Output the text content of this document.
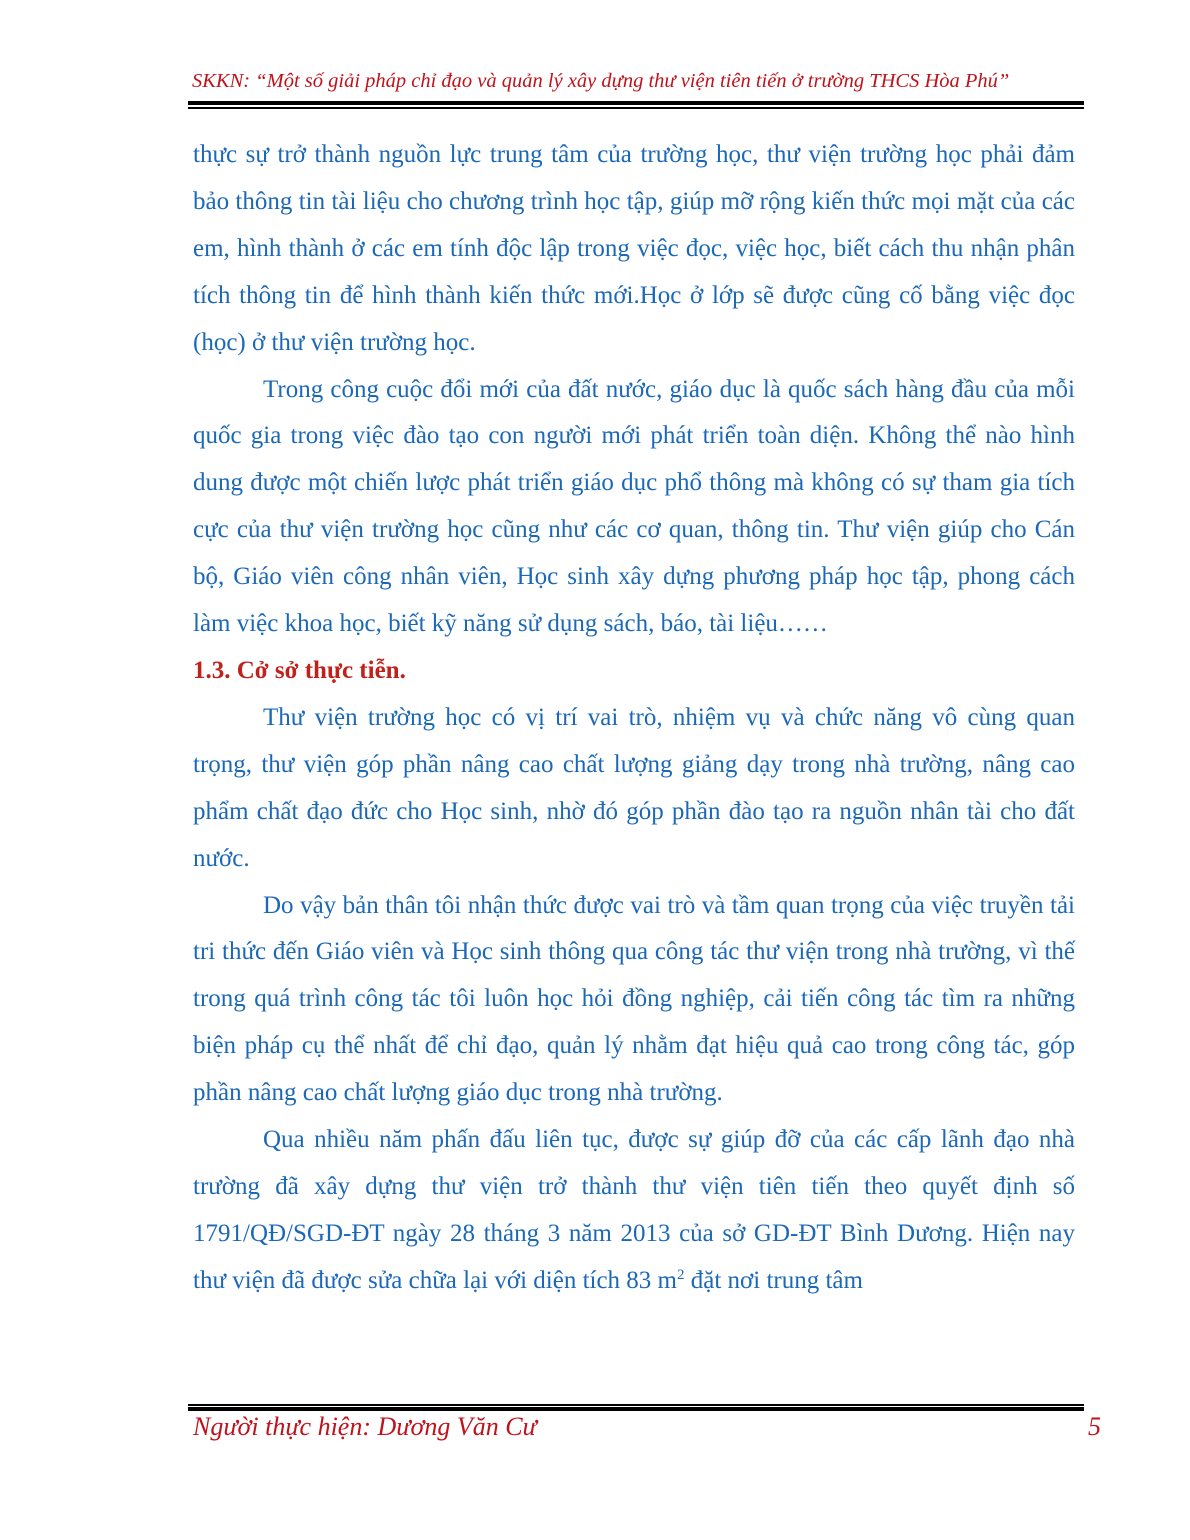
SKKN: “Một số giải pháp chỉ đạo và quản lý xây dựng thư viện tiên tiến ở trường THCS Hòa Phú”

thực sự trở thành nguồn lực trung tâm của trường học, thư viện trường học phải đảm bảo thông tin tài liệu cho chương trình học tập, giúp mỡ rộng kiến thức mọi mặt của các em, hình thành ở các em tính độc lập trong việc đọc, việc học, biết cách thu nhận phân tích thông tin để hình thành kiến thức mới.Học ở lớp sẽ được cũng cố bằng việc đọc (học) ở thư viện trường học.

Trong công cuộc đổi mới của đất nước, giáo dục là quốc sách hàng đầu của mỗi quốc gia trong việc đào tạo con người mới phát triển toàn diện. Không thể nào hình dung được một chiến lược phát triển giáo dục phổ thông mà không có sự tham gia tích cực của thư viện trường học cũng như các cơ quan, thông tin. Thư viện giúp cho Cán bộ, Giáo viên công nhân viên, Học sinh xây dựng phương pháp học tập, phong cách làm việc khoa học, biết kỹ năng sử dụng sách, báo, tài liệu……

1.3. Cở sở thực tiễn.

Thư viện trường học có vị trí vai trò, nhiệm vụ và chức năng vô cùng quan trọng, thư viện góp phần nâng cao chất lượng giảng dạy trong nhà trường, nâng cao phẩm chất đạo đức cho Học sinh, nhờ đó góp phần đào tạo ra nguồn nhân tài cho đất nước.

Do vậy bản thân tôi nhận thức được vai trò và tầm quan trọng của việc truyền tải tri thức đến Giáo viên và Học sinh thông qua công tác thư viện trong nhà trường, vì thế trong quá trình công tác tôi luôn học hỏi đồng nghiệp, cải tiến công tác tìm ra những biện pháp cụ thể nhất để chỉ đạo, quản lý nhằm đạt hiệu quả cao trong công tác, góp phần nâng cao chất lượng giáo dục trong nhà trường.

Qua nhiều năm phấn đấu liên tục, được sự giúp đỡ của các cấp lãnh đạo nhà trường đã xây dựng thư viện trở thành thư viện tiên tiến theo quyết định số 1791/QĐ/SGD-ĐT ngày 28 tháng 3 năm 2013 của sở GD-ĐT Bình Dương. Hiện nay thư viện đã được sửa chữa lại với diện tích 83 $m^2$ đặt nơi trung tâm

Người thực hiện: Dương Văn Cư	5
